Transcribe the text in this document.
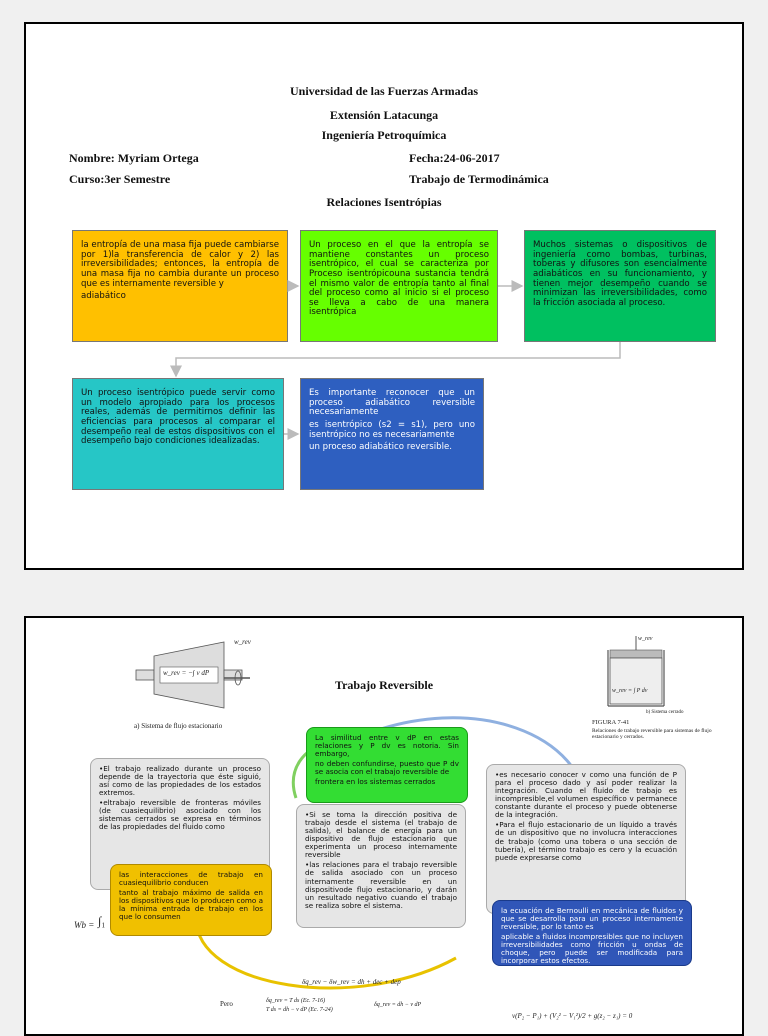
Universidad de las Fuerzas Armadas
Extensión Latacunga
Ingeniería Petroquímica
Nombre: Myriam Ortega	Fecha:24-06-2017
Curso:3er Semestre	Trabajo de Termodinámica
Relaciones Isentrópias

la entropía de una masa fija puede cambiarse por 1)la transferencia de calor y 2) las irreversibilidades; entonces, la entropía de una masa fija no cambia durante un proceso que es internamente reversible y

adiabático

Un proceso en el que la entropía se mantiene constantes un proceso isentrópico, el cual se caracteriza por Proceso isentrópicouna sustancia tendrá el mismo valor de entropía tanto al final del proceso como al inicio si el proceso se lleva a cabo de una manera isentrópica

Muchos sistemas o dispositivos de ingeniería como bombas, turbinas, toberas y difusores son esencialmente adiabáticos en su funcionamiento, y tienen mejor desempeño cuando se minimizan las irreversibilidades, como la fricción asociada al proceso.

Un proceso isentrópico puede servir como un modelo apropiado para los procesos reales, además de permitirnos definir las eficiencias para procesos al comparar el desempeño real de estos dispositivos con el desempeño bajo condiciones idealizadas.

Es importante reconocer que un proceso adiabático reversible necesariamente

es isentrópico (s2 = s1), pero uno isentrópico no es necesariamente

un proceso adiabático reversible.

w_rev = −∫ v dP
w_rev
a) Sistema de flujo estacionario
Trabajo Reversible	w_rev = ∫ P dv
w_rev
b) Sistema cerrado
FIGURA 7-41
Relaciones de trabajo reversible para sistemas de flujo estacionario y cerrados.

La similitud entre v dP en estas relaciones y P dv es notoria. Sin embargo,

no deben confundirse, puesto que P dv se asocia con el trabajo reversible de

frontera en los sistemas cerrados

•El trabajo realizado durante un proceso depende de la trayectoria que éste siguió, así como de las propiedades de los estados extremos.

•eltrabajo reversible de fronteras móviles (de cuasiequilibrio) asociado con los sistemas cerrados se expresa en términos de las propiedades del fluido como

las interacciones de trabajo en cuasiequilibrio conducen

tanto al trabajo máximo de salida en los dispositivos que lo producen como a la mínima entrada de trabajo en los que lo consumen

Wb = ∫₁

•Si se toma la dirección positiva de trabajo desde el sistema (el trabajo de salida), el balance de energía para un dispositivo de flujo estacionario que experimenta un proceso internamente reversible

•las relaciones para el trabajo reversible de salida asociado con un proceso internamente reversible en un dispositivode flujo estacionario, y darán un resultado negativo cuando el trabajo se realiza sobre el sistema.

•es necesario conocer v como una función de P para el proceso dado y así poder realizar la integración. Cuando el fluido de trabajo es incompresible,el volumen específico v permanece constante durante el proceso y puede obtenerse de la integración.

•Para el flujo estacionario de un líquido a través de un dispositivo que no involucra interacciones de trabajo (como una tobera o una sección de tubería), el término trabajo es cero y la ecuación puede expresarse como

la ecuación de Bernoulli en mecánica de fluidos y que se desarrolla para un proceso internamente reversible, por lo tanto es

aplicable a fluidos incompresibles que no incluyen irreversibilidades como fricción u ondas de choque, pero puede ser modificada para incorporar estos efectos.

δq_rev − δw_rev = dh + dec + dep
Pero	δq_rev = T ds (Ec. 7-16)
T ds = dh − v dP (Ec. 7-24)
δq_rev = dh − v dP
v(P₂ − P₁) + (V₂² − V₁²)/2 + g(z₂ − z₁) = 0
